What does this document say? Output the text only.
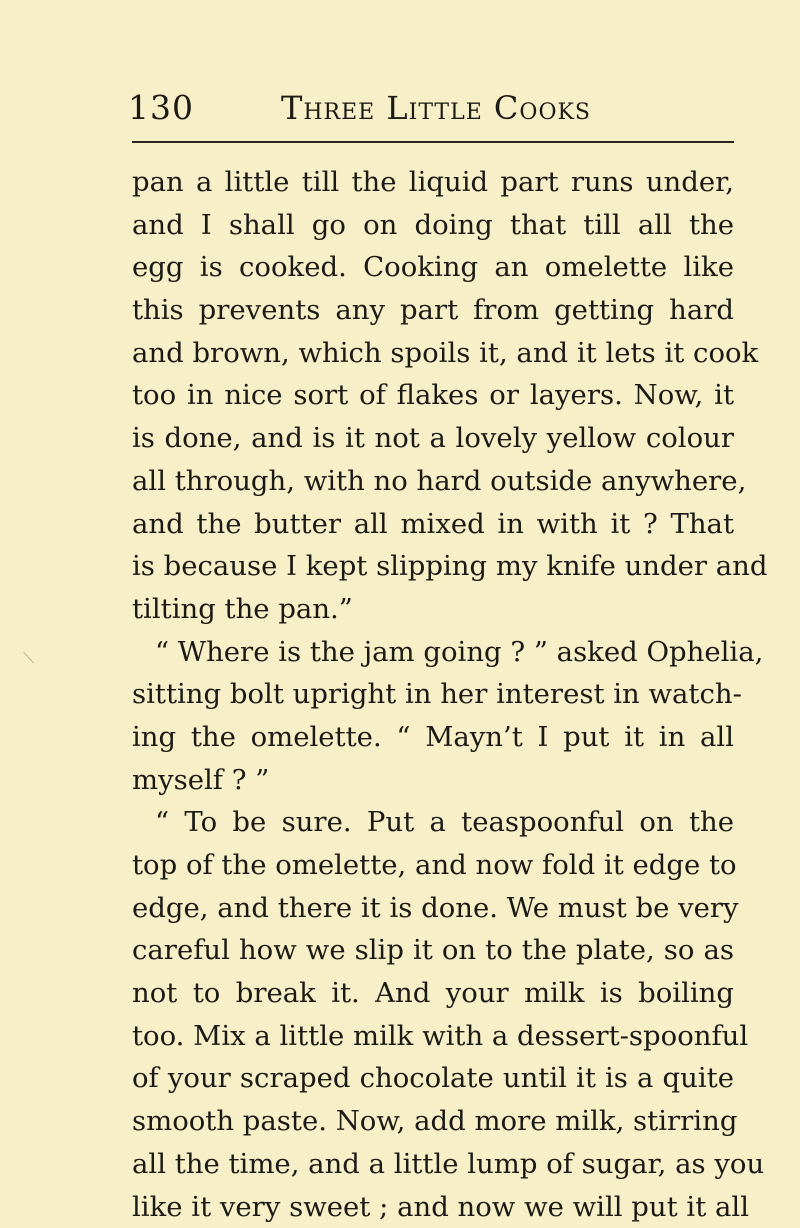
130	Three Little Cooks
pan a little till the liquid part runs under,
and I shall go on doing that till all the
egg is cooked. Cooking an omelette like
this prevents any part from getting hard
and brown, which spoils it, and it lets it cook
too in nice sort of flakes or layers. Now, it
is done, and is it not a lovely yellow colour
all through, with no hard outside anywhere,
and the butter all mixed in with it ? That
is because I kept slipping my knife under and
tilting the pan.”
“ Where is the jam going ? ” asked Ophelia,
sitting bolt upright in her interest in watch-
ing the omelette. “ Mayn’t I put it in all
myself ? ”
“ To be sure. Put a teaspoonful on the
top of the omelette, and now fold it edge to
edge, and there it is done. We must be very
careful how we slip it on to the plate, so as
not to break it. And your milk is boiling
too. Mix a little milk with a dessert-spoonful
of your scraped chocolate until it is a quite
smooth paste. Now, add more milk, stirring
all the time, and a little lump of sugar, as you
like it very sweet ; and now we will put it all
